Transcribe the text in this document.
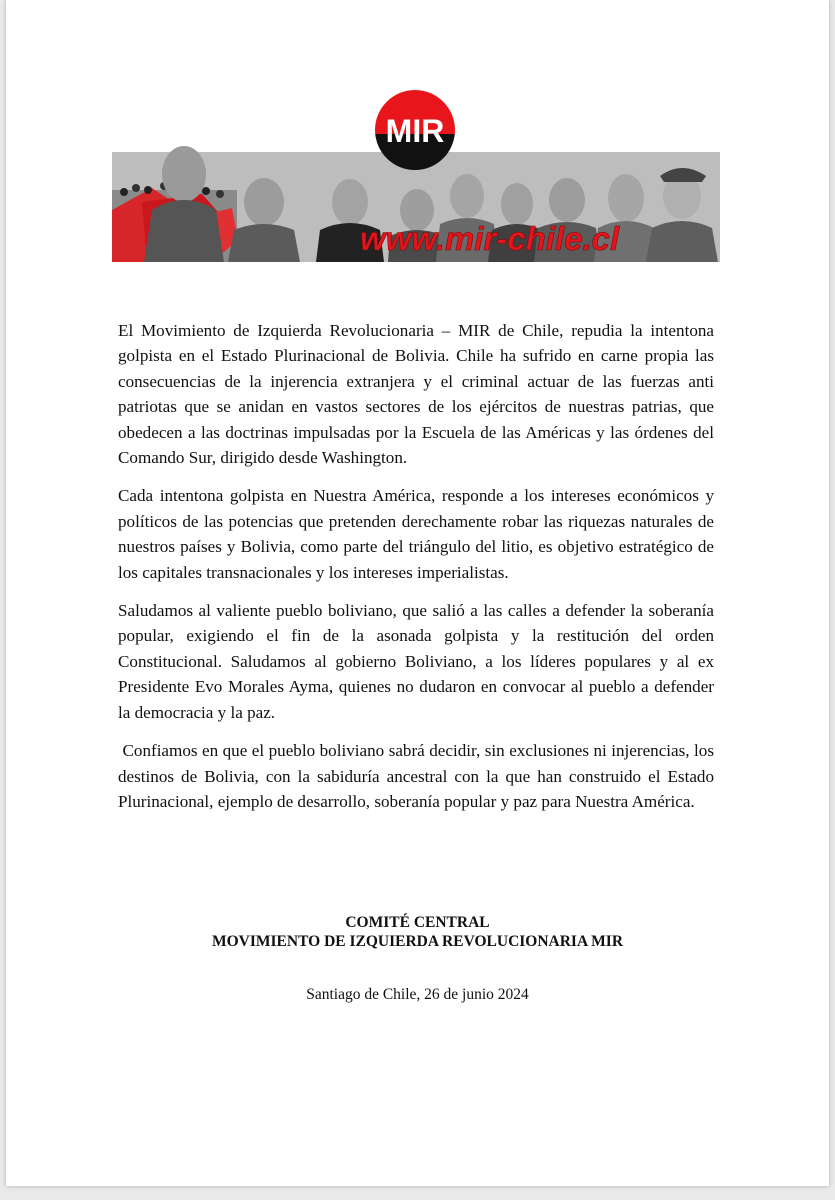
MIR
www.mir-chile.cl

El Movimiento de Izquierda Revolucionaria – MIR de Chile, repudia la intentona golpista en el Estado Plurinacional de Bolivia. Chile ha sufrido en carne propia las consecuencias de la injerencia extranjera y el criminal actuar de las fuerzas anti patriotas que se anidan en vastos sectores de los ejércitos de nuestras patrias, que obedecen a las doctrinas impulsadas por la Escuela de las Américas y las órdenes del Comando Sur, dirigido desde Washington.

Cada intentona golpista en Nuestra América, responde a los intereses económicos y políticos de las potencias que pretenden derechamente robar las riquezas naturales de nuestros países y Bolivia, como parte del triángulo del litio, es objetivo estratégico de los capitales transnacionales y los intereses imperialistas.

Saludamos al valiente pueblo boliviano, que salió a las calles a defender la soberanía popular, exigiendo el fin de la asonada golpista y la restitución del orden Constitucional. Saludamos al gobierno Boliviano, a los líderes populares y al ex Presidente Evo Morales Ayma, quienes no dudaron en convocar al pueblo a defender la democracia y la paz.

Confiamos en que el pueblo boliviano sabrá decidir, sin exclusiones ni injerencias, los destinos de Bolivia, con la sabiduría ancestral con la que han construido el Estado Plurinacional, ejemplo de desarrollo, soberanía popular y paz para Nuestra América.

COMITÉ CENTRAL
MOVIMIENTO DE IZQUIERDA REVOLUCIONARIA MIR
Santiago de Chile, 26 de junio 2024
